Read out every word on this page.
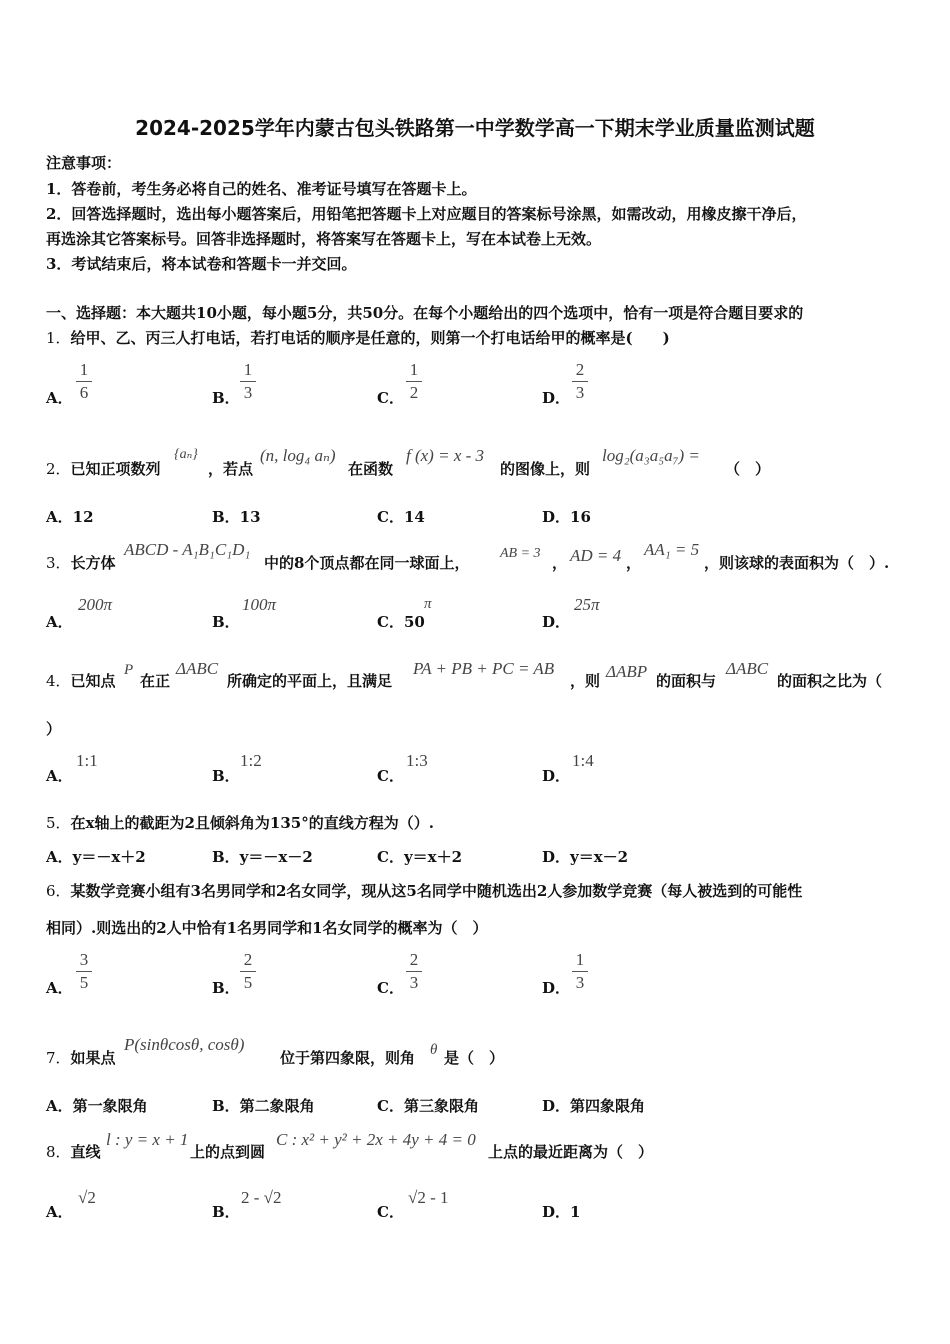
2024-2025学年内蒙古包头铁路第一中学数学高一下期末学业质量监测试题
注意事项：
1．答卷前，考生务必将自己的姓名、准考证号填写在答题卡上。
2．回答选择题时，选出每小题答案后，用铅笔把答题卡上对应题目的答案标号涂黑，如需改动，用橡皮擦干净后，
再选涂其它答案标号。回答非选择题时，将答案写在答题卡上，写在本试卷上无效。
3．考试结束后，将本试卷和答题卡一并交回。
一、选择题：本大题共10小题，每小题5分，共50分。在每个小题给出的四个选项中，恰有一项是符合题目要求的
1．给甲、乙、丙三人打电话，若打电话的顺序是任意的，则第一个打电话给甲的概率是(　　)
A．
1
6	B．
1
3	C．
1
2	D．
2
3
2．已知正项数列
{aₙ}
，若点
(n, log₄ aₙ)
在函数
f (x) = x - 3
的图像上，则
log₂(a₃a₅a₇) =
（　）
A．12	B．13	C．14	D．16
3．长方体
ABCD - A₁B₁C₁D₁
中的8个顶点都在同一球面上，
AB = 3
， AD = 4 ，
AA₁ = 5
，则该球的表面积为（　）.
A．
200π
B．
100π
C．50
π
D．
25π
4．已知点
P
在正
ΔABC
所确定的平面上，且满足
PA + PB + PC = AB
，则 ΔABP 的面积与
ΔABC
的面积之比为（
）
A．
1:1
B．
1:2
C．
1:3
D．
1:4
5．在x轴上的截距为2且倾斜角为135°的直线方程为（）.
A．y＝－x＋2	B．y＝－x－2	C．y＝x＋2	D．y＝x－2
6．某数学竞赛小组有3名男同学和2名女同学，现从这5名同学中随机选出2人参加数学竞赛（每人被选到的可能性
相同）.则选出的2人中恰有1名男同学和1名女同学的概率为（　）
A．
3
5	B．
2
5	C．
2
3	D．
1
3
7．如果点
P(sinθcosθ, cosθ)
位于第四象限，则角 θ 是（　）
A．第一象限角	B．第二象限角	C．第三象限角	D．第四象限角
8．直线
l : y = x + 1
上的点到圆
C : x² + y² + 2x + 4y + 4 = 0
上点的最近距离为（　）
A．
√2
B．
2 - √2
C．
√2 - 1
D．1
